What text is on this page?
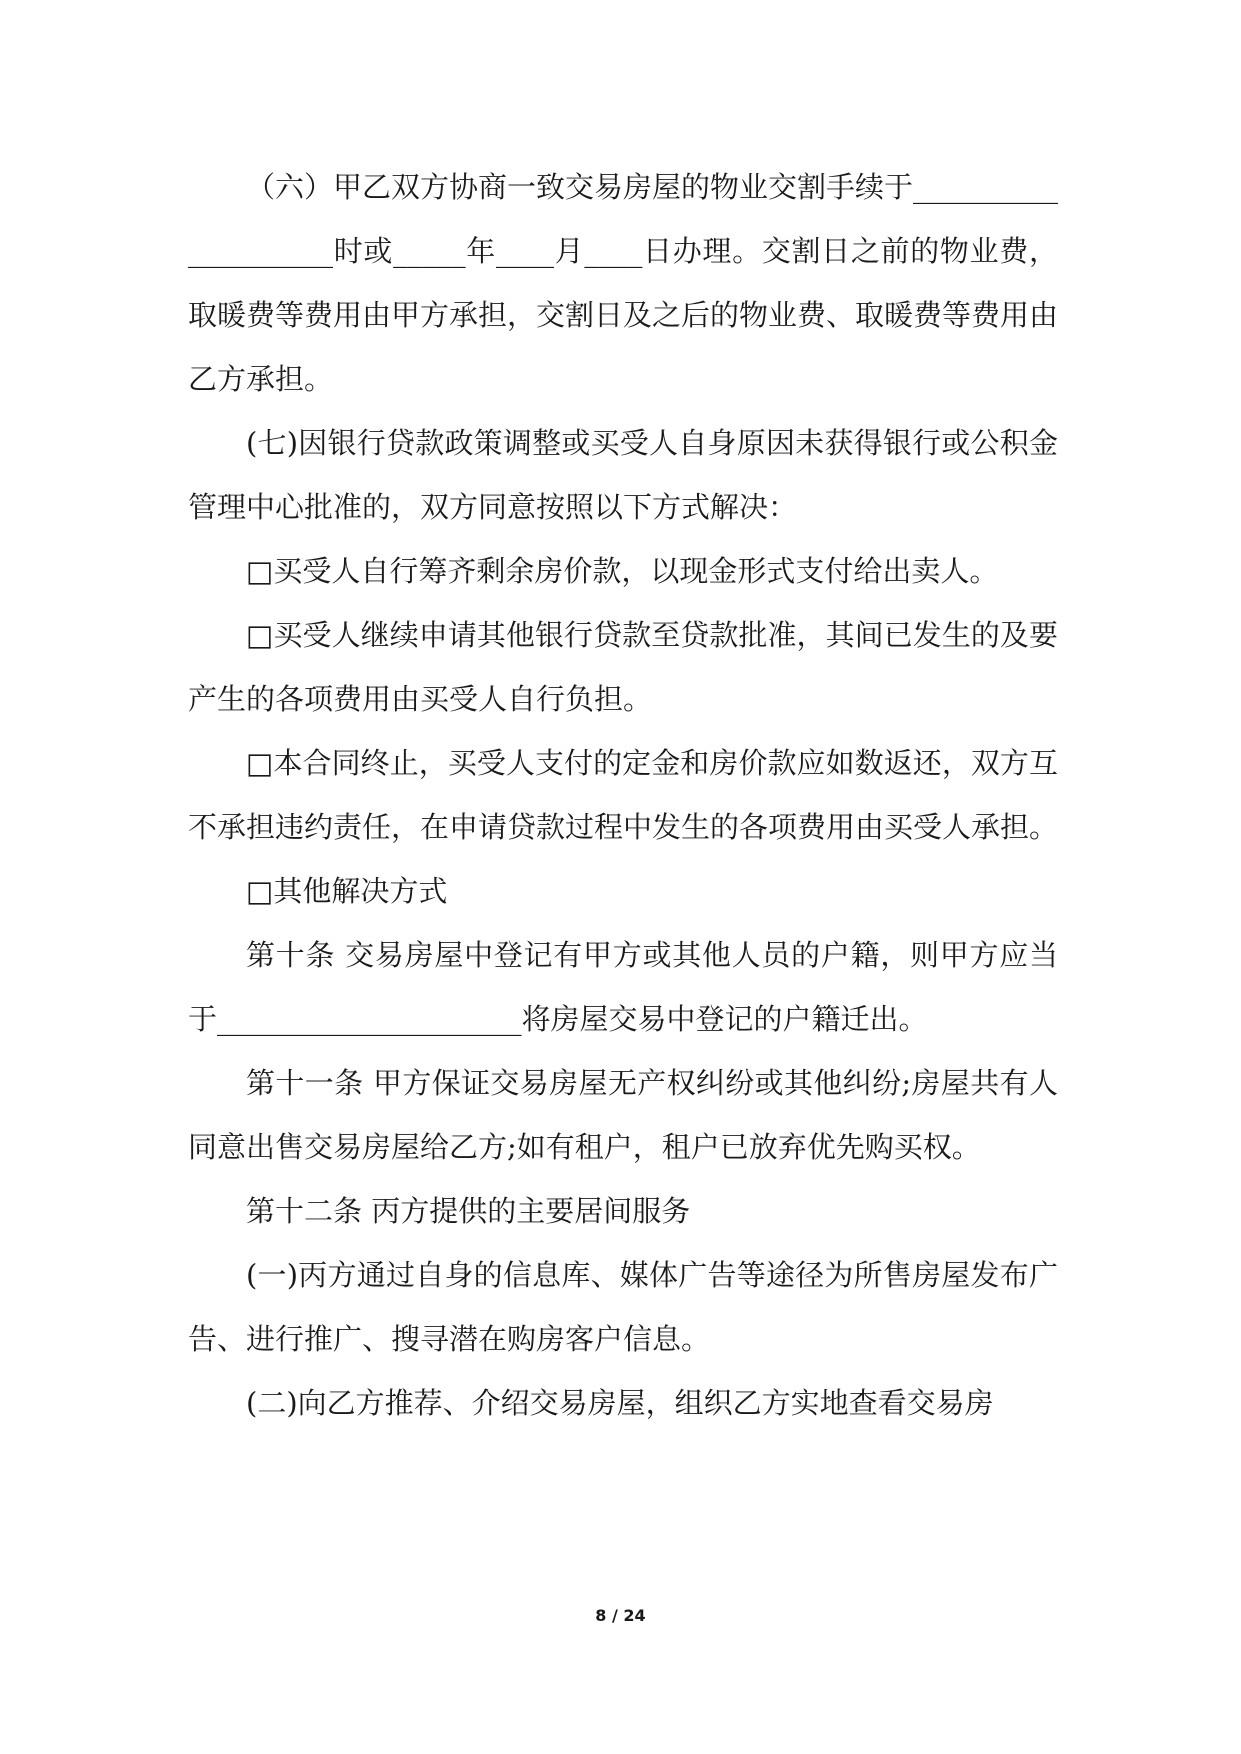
（六）甲乙双方协商一致交易房屋的物业交割手续于____________________时或_____年____月____日办理。交割日之前的物业费，取暖费等费用由甲方承担，交割日及之后的物业费、取暖费等费用由乙方承担。

(七)因银行贷款政策调整或买受人自身原因未获得银行或公积金管理中心批准的，双方同意按照以下方式解决：

□买受人自行筹齐剩余房价款，以现金形式支付给出卖人。

□买受人继续申请其他银行贷款至贷款批准，其间已发生的及要产生的各项费用由买受人自行负担。

□本合同终止，买受人支付的定金和房价款应如数返还，双方互不承担违约责任，在申请贷款过程中发生的各项费用由买受人承担。

□其他解决方式

第十条 交易房屋中登记有甲方或其他人员的户籍，则甲方应当于_____________________将房屋交易中登记的户籍迁出。

第十一条 甲方保证交易房屋无产权纠纷或其他纠纷;房屋共有人同意出售交易房屋给乙方;如有租户，租户已放弃优先购买权。

第十二条 丙方提供的主要居间服务

(一)丙方通过自身的信息库、媒体广告等途径为所售房屋发布广告、进行推广、搜寻潜在购房客户信息。

(二)向乙方推荐、介绍交易房屋，组织乙方实地查看交易房

8 / 24
